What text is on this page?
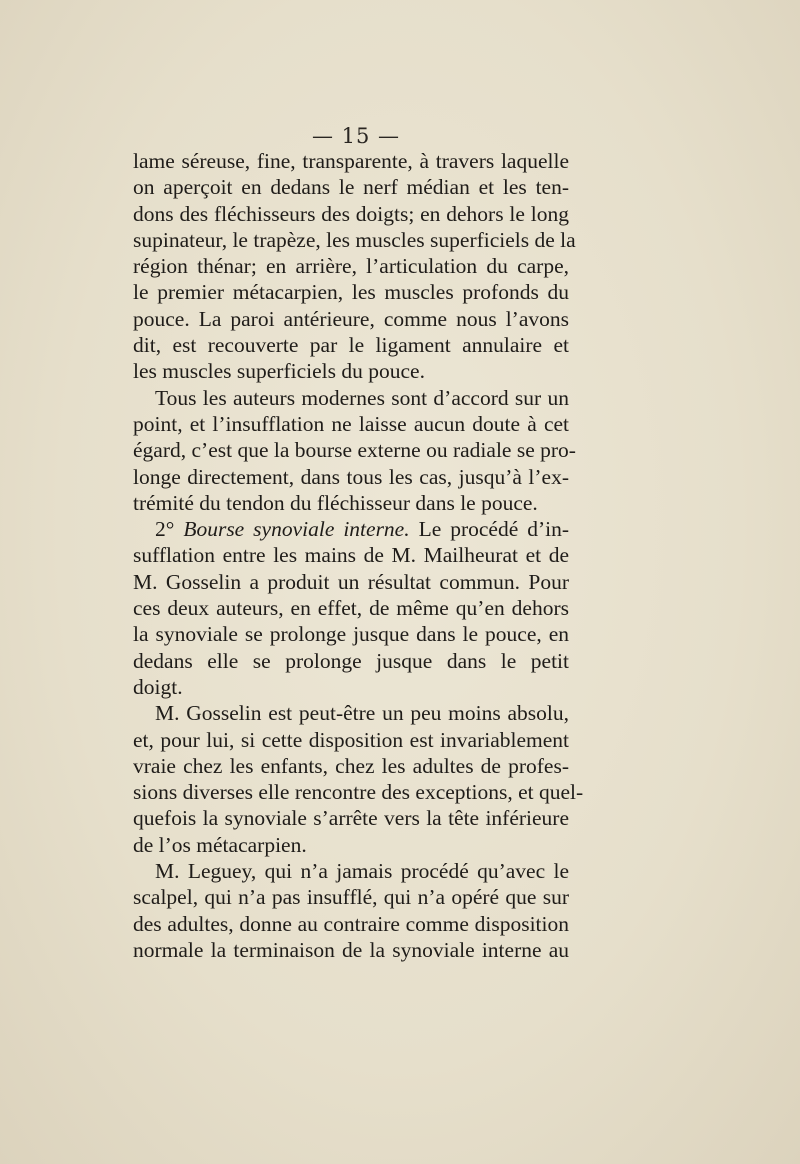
— 15 —
lame séreuse, fine, transparente, à travers laquelle
on aperçoit en dedans le nerf médian et les ten-
dons des fléchisseurs des doigts; en dehors le long
supinateur, le trapèze, les muscles superficiels de la
région thénar; en arrière, l’articulation du carpe,
le premier métacarpien, les muscles profonds du
pouce. La paroi antérieure, comme nous l’avons
dit, est recouverte par le ligament annulaire et
les muscles superficiels du pouce.
Tous les auteurs modernes sont d’accord sur un
point, et l’insufflation ne laisse aucun doute à cet
égard, c’est que la bourse externe ou radiale se pro-
longe directement, dans tous les cas, jusqu’à l’ex-
trémité du tendon du fléchisseur dans le pouce.
2° Bourse synoviale interne. Le procédé d’in-
sufflation entre les mains de M. Mailheurat et de
M. Gosselin a produit un résultat commun. Pour
ces deux auteurs, en effet, de même qu’en dehors
la synoviale se prolonge jusque dans le pouce, en
dedans elle se prolonge jusque dans le petit
doigt.
M. Gosselin est peut-être un peu moins absolu,
et, pour lui, si cette disposition est invariablement
vraie chez les enfants, chez les adultes de profes-
sions diverses elle rencontre des exceptions, et quel-
quefois la synoviale s’arrête vers la tête inférieure
de l’os métacarpien.
M. Leguey, qui n’a jamais procédé qu’avec le
scalpel, qui n’a pas insufflé, qui n’a opéré que sur
des adultes, donne au contraire comme disposition
normale la terminaison de la synoviale interne au
